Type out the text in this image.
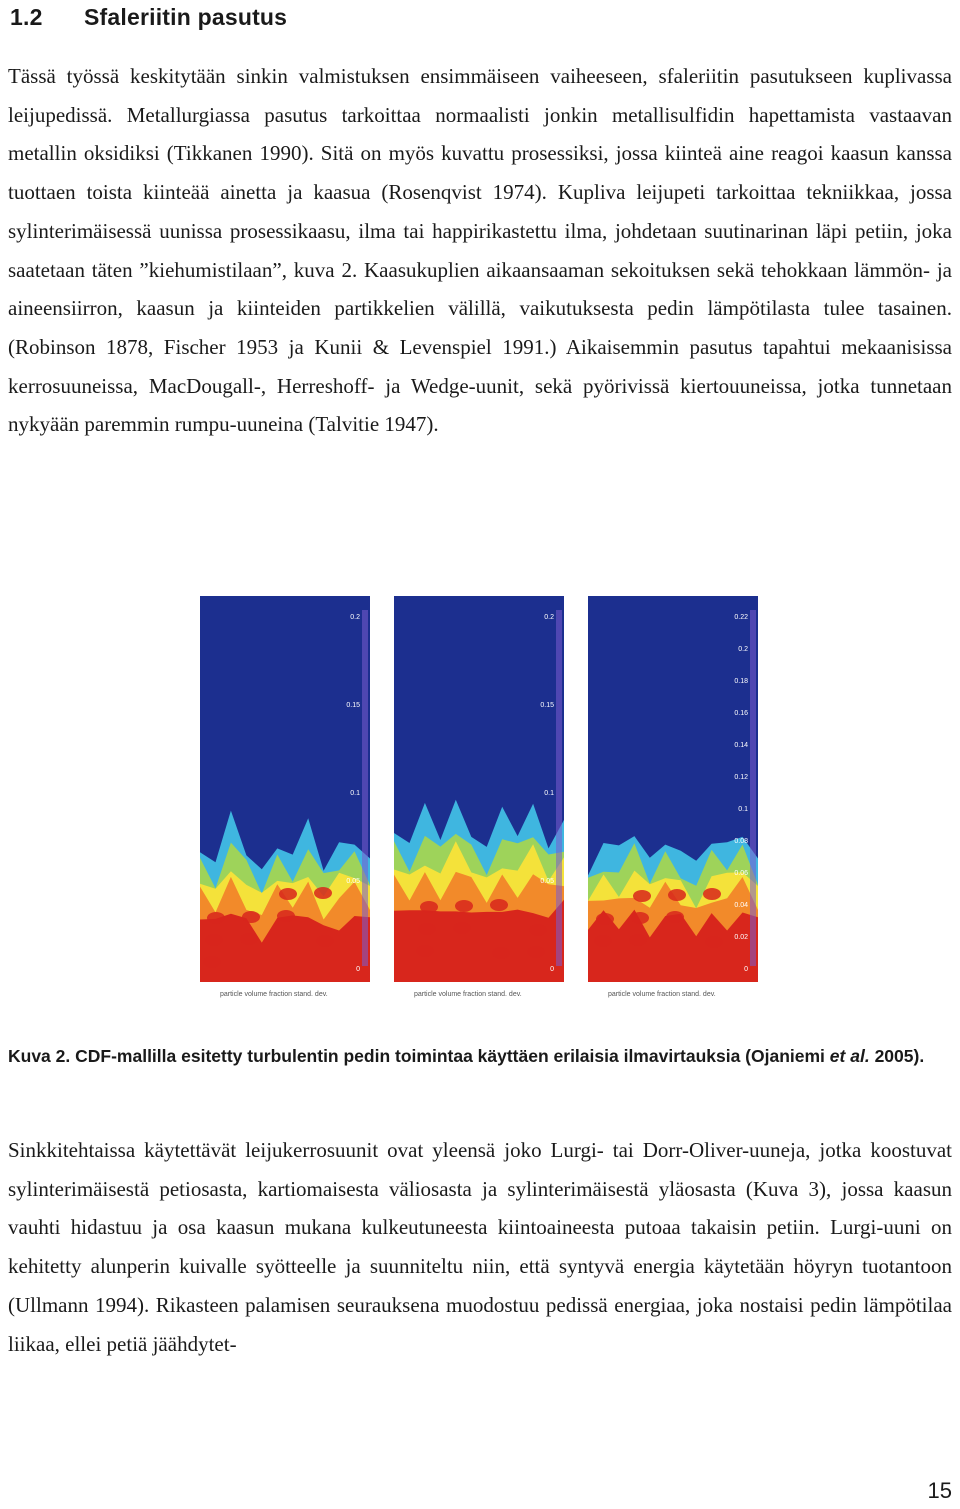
1.2 Sfaleriitin pasutus
Tässä työssä keskitytään sinkin valmistuksen ensimmäiseen vaiheeseen, sfaleriitin pasutukseen kuplivassa leijupedissä. Metallurgiassa pasutus tarkoittaa normaalisti jonkin metallisulfidin hapettamista vastaavan metallin oksidiksi (Tikkanen 1990). Sitä on myös kuvattu prosessiksi, jossa kiinteä aine reagoi kaasun kanssa tuottaen toista kiinteää ainetta ja kaasua (Rosenqvist 1974). Kupliva leijupeti tarkoittaa tekniikkaa, jossa sylinterimäisessä uunissa prosessikaasu, ilma tai happirikastettu ilma, johdetaan suutinarinan läpi petiin, joka saatetaan täten ”kiehumistilaan”, kuva 2. Kaasukuplien aikaansaaman sekoituksen sekä tehokkaan lämmön- ja aineensiirron, kaasun ja kiinteiden partikkelien välillä, vaikutuksesta pedin lämpötilasta tulee tasainen. (Robinson 1878, Fischer 1953 ja Kunii & Levenspiel 1991.) Aikaisemmin pasutus tapahtui mekaanisissa kerrosuuneissa, MacDougall-, Herreshoff- ja Wedge-uunit, sekä pyörivissä kiertouuneissa, jotka tunnetaan nykyään paremmin rumpu-uuneina (Talvitie 1947).
0.2
0.15
0.1
0.05
0
particle volume fraction stand. dev.
0.2
0.15
0.1
0.05
0
particle volume fraction stand. dev.
0.22
0.2
0.18
0.16
0.14
0.12
0.1
0.08
0.06
0.04
0.02
0
particle volume fraction stand. dev.
Kuva 2. CDF-mallilla esitetty turbulentin pedin toimintaa käyttäen erilaisia ilmavirtauksia (Ojaniemi et al. 2005).
Sinkkitehtaissa käytettävät leijukerrosuunit ovat yleensä joko Lurgi- tai Dorr-Oliver-uuneja, jotka koostuvat sylinterimäisestä petiosasta, kartiomaisesta väliosasta ja sylinterimäisestä yläosasta (Kuva 3), jossa kaasun vauhti hidastuu ja osa kaasun mukana kulkeutuneesta kiintoaineesta putoaa takaisin petiin. Lurgi-uuni on kehitetty alunperin kuivalle syötteelle ja suunniteltu niin, että syntyvä energia käytetään höyryn tuotantoon (Ullmann 1994). Rikasteen palamisen seurauksena muodostuu pedissä energiaa, joka nostaisi pedin lämpötilaa liikaa, ellei petiä jäähdytet-
15
